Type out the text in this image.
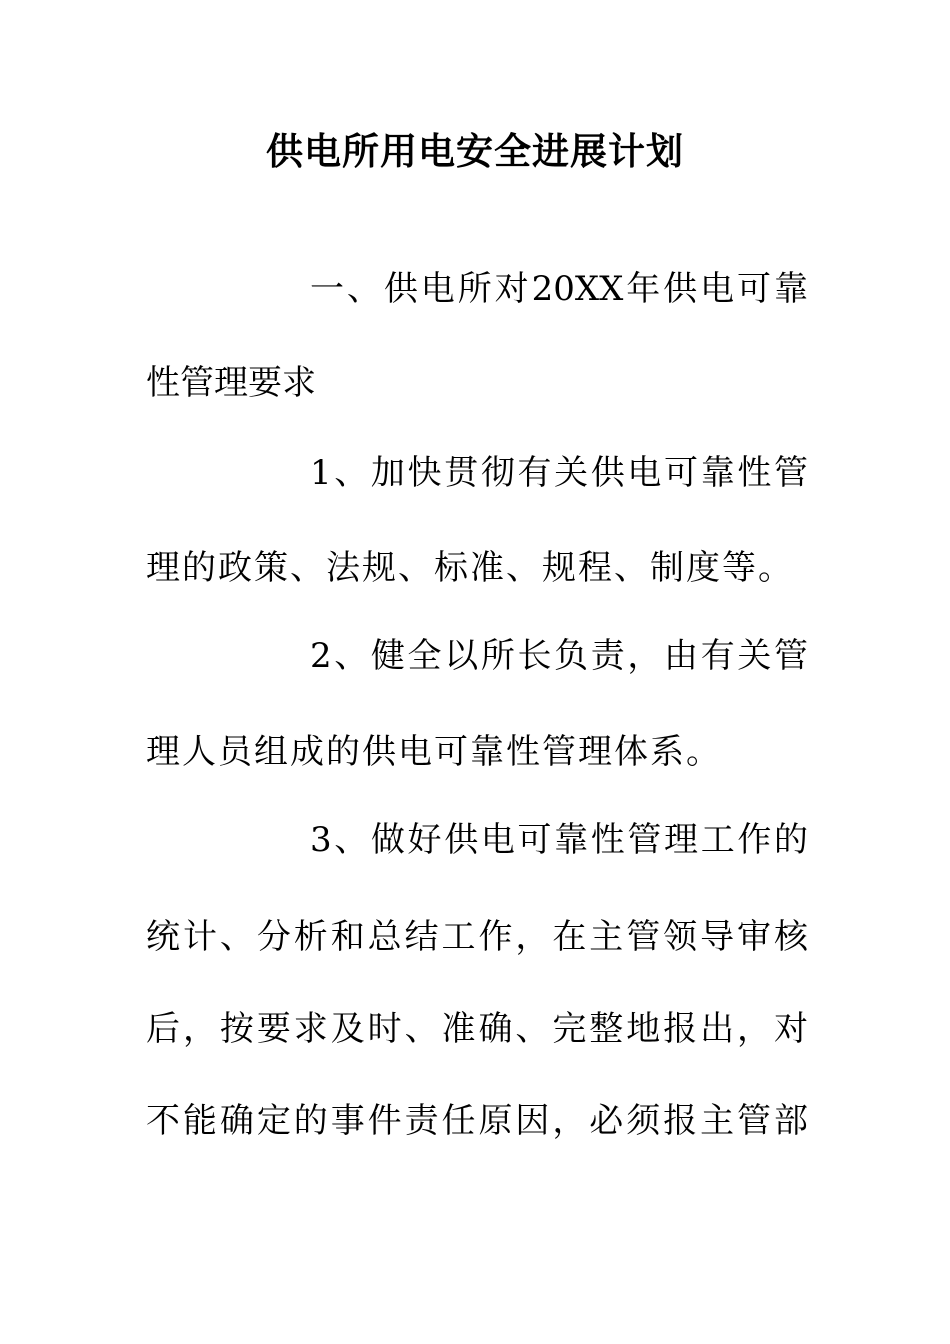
供电所用电安全进展计划
一、供电所对20XX年供电可靠
性管理要求
1、加快贯彻有关供电可靠性管
理的政策、法规、标准、规程、制度等。
2、健全以所长负责，由有关管
理人员组成的供电可靠性管理体系。
3、做好供电可靠性管理工作的
统计、分析和总结工作，在主管领导审核
后，按要求及时、准确、完整地报出，对
不能确定的事件责任原因，必须报主管部
